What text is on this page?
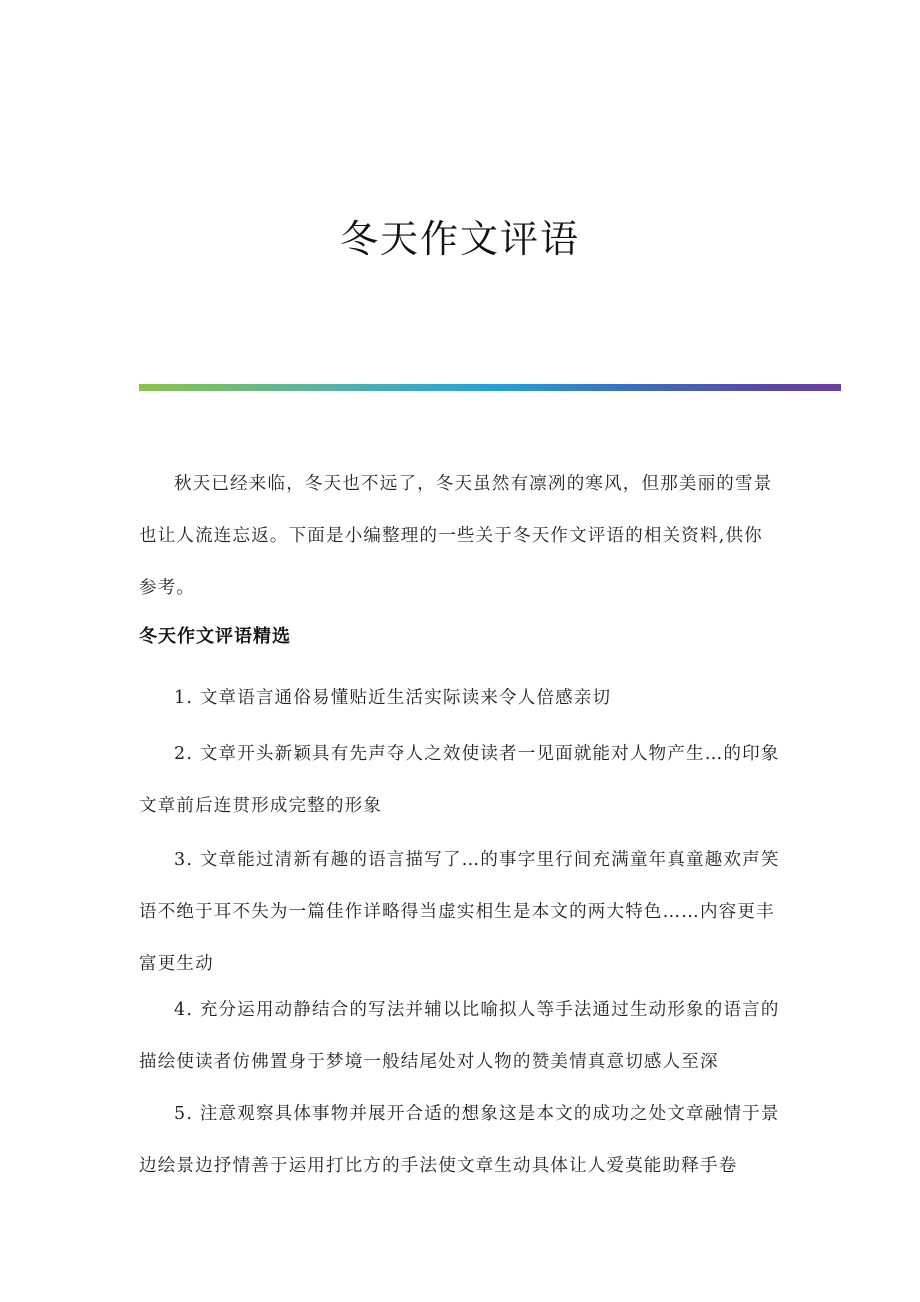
冬天作文评语

秋天已经来临，冬天也不远了，冬天虽然有凛冽的寒风，但那美丽的雪景也让人流连忘返。下面是小编整理的一些关于冬天作文评语的相关资料,供你参考。

冬天作文评语精选

1. 文章语言通俗易懂贴近生活实际读来令人倍感亲切

2. 文章开头新颖具有先声夺人之效使读者一见面就能对人物产生…的印象文章前后连贯形成完整的形象

3. 文章能过清新有趣的语言描写了…的事字里行间充满童年真童趣欢声笑语不绝于耳不失为一篇佳作详略得当虚实相生是本文的两大特色……内容更丰富更生动

4. 充分运用动静结合的写法并辅以比喻拟人等手法通过生动形象的语言的描绘使读者仿佛置身于梦境一般结尾处对人物的赞美情真意切感人至深

5. 注意观察具体事物并展开合适的想象这是本文的成功之处文章融情于景边绘景边抒情善于运用打比方的手法使文章生动具体让人爱莫能助释手卷
